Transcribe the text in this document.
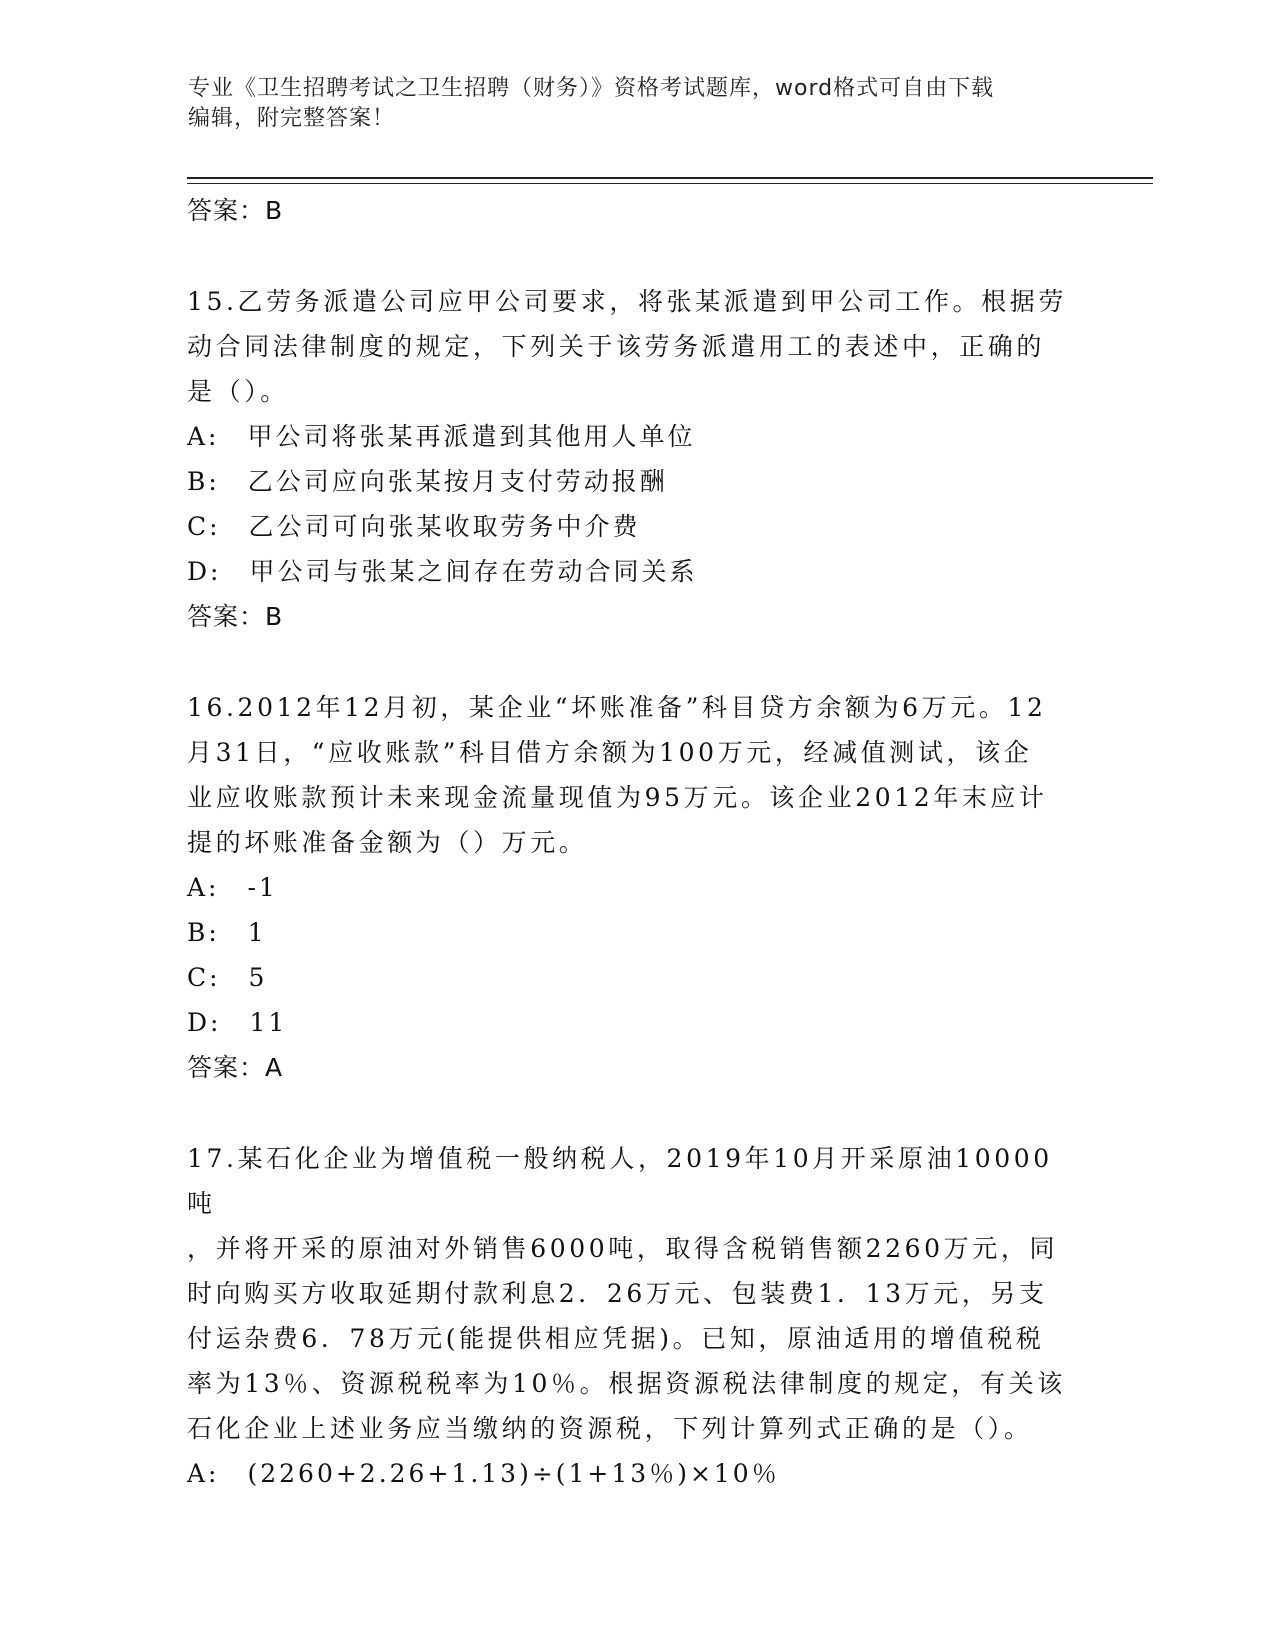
专业《卫生招聘考试之卫生招聘（财务）》资格考试题库，word格式可自由下载
编辑，附完整答案！
答案：B

15.乙劳务派遣公司应甲公司要求，将张某派遣到甲公司工作。根据劳
动合同法律制度的规定，下列关于该劳务派遣用工的表述中，正确的
是（）。

A:　甲公司将张某再派遣到其他用人单位
B:　乙公司应向张某按月支付劳动报酬
C:　乙公司可向张某收取劳务中介费
D:　甲公司与张某之间存在劳动合同关系
答案：B

16.2012年12月初，某企业“坏账准备”科目贷方余额为6万元。12
月31日，“应收账款”科目借方余额为100万元，经减值测试，该企
业应收账款预计未来现金流量现值为95万元。该企业2012年末应计
提的坏账准备金额为（）万元。

A:　-1
B:　1
C:　5
D:　11
答案：A

17.某石化企业为增值税一般纳税人，2019年10月开采原油10000吨
，并将开采的原油对外销售6000吨，取得含税销售额2260万元，同
时向购买方收取延期付款利息2．26万元、包装费1．13万元，另支
付运杂费6．78万元(能提供相应凭据)。已知，原油适用的增值税税
率为13％、资源税税率为10％。根据资源税法律制度的规定，有关该
石化企业上述业务应当缴纳的资源税，下列计算列式正确的是（）。

A:　(2260+2.26+1.13)÷(1+13％)×10％
